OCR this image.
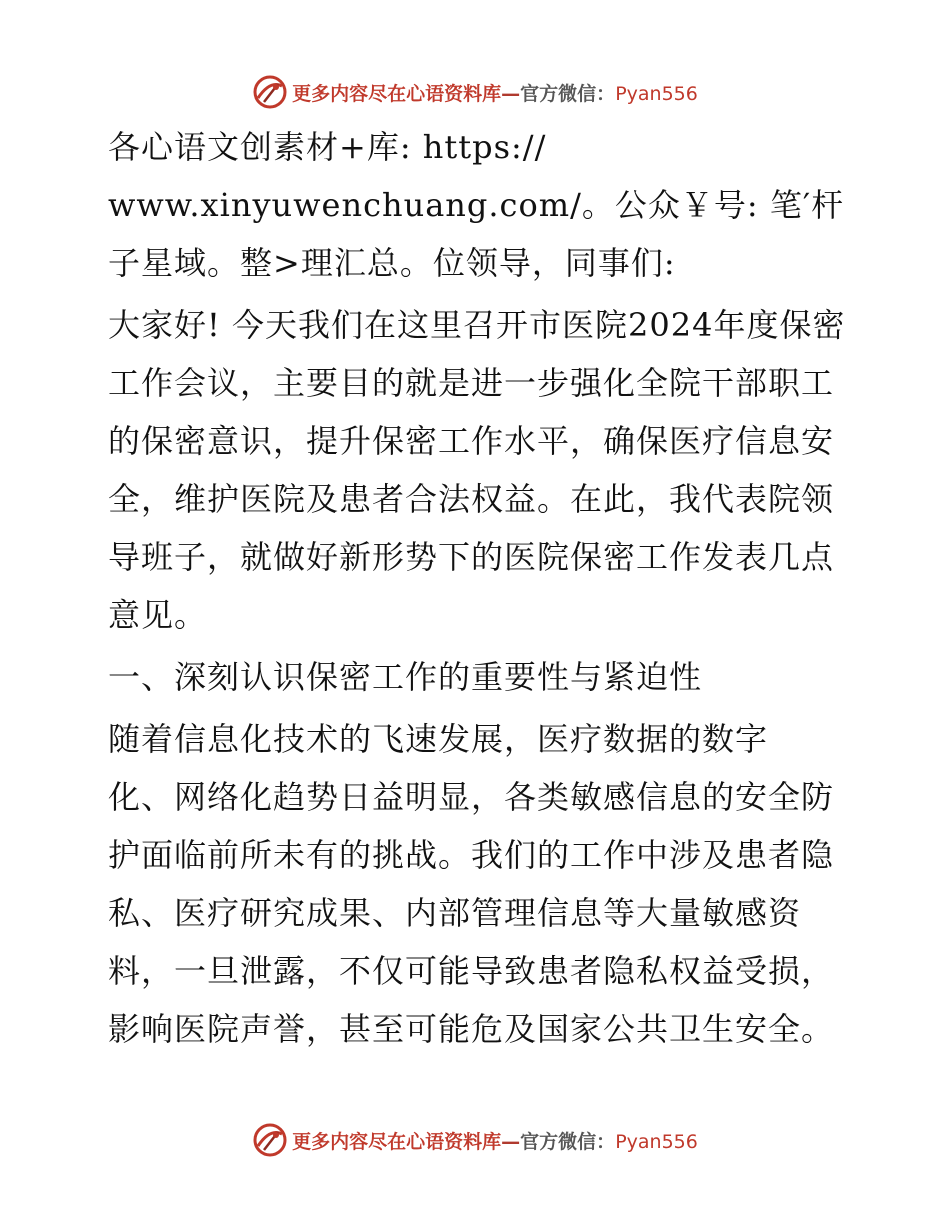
更多内容尽在心语资料库—官方微信：Pyan556

各心语文创素材+库: https://
www.xinyuwenchuang.com/。公众￥号: 笔′杆子星域。整>理汇总。位领导，同事们:

大家好! 今天我们在这里召开市医院2024年度保密工作会议，主要目的就是进一步强化全院干部职工的保密意识，提升保密工作水平，确保医疗信息安全，维护医院及患者合法权益。在此，我代表院领导班子，就做好新形势下的医院保密工作发表几点意见。

一、深刻认识保密工作的重要性与紧迫性

随着信息化技术的飞速发展，医疗数据的数字
化、网络化趋势日益明显，各类敏感信息的安全防护面临前所未有的挑战。我们的工作中涉及患者隐私、医疗研究成果、内部管理信息等大量敏感资
料，一旦泄露，不仅可能导致患者隐私权益受损，影响医院声誉，甚至可能危及国家公共卫生安全。

更多内容尽在心语资料库—官方微信：Pyan556
